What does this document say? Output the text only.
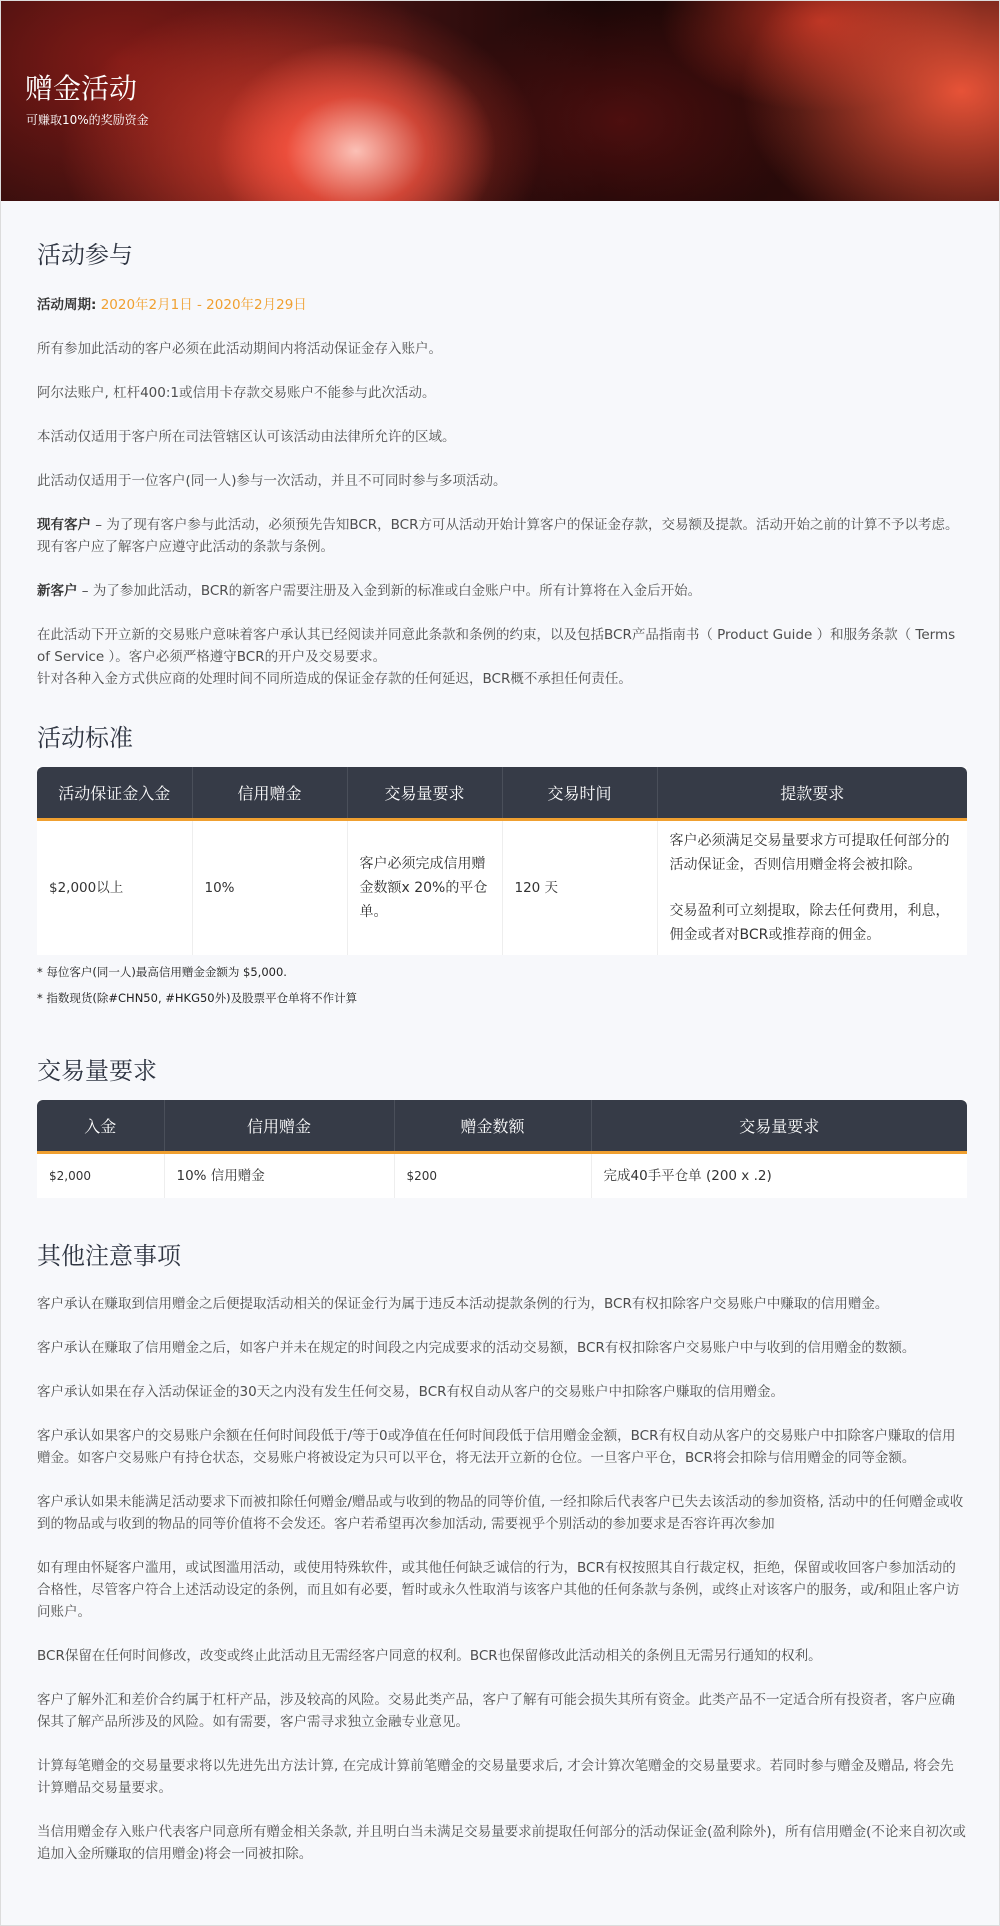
赠金活动
可赚取10%的奖励资金
活动参与

活动周期: 2020年2月1日 - 2020年2月29日

所有参加此活动的客户必须在此活动期间内将活动保证金存入账户。

阿尔法账户, 杠杆400:1或信用卡存款交易账户不能参与此次活动。

本活动仅适用于客户所在司法管辖区认可该活动由法律所允许的区域。

此活动仅适用于一位客户(同一人)参与一次活动，并且不可同时参与多项活动。

现有客户 – 为了现有客户参与此活动，必须预先告知BCR，BCR方可从活动开始计算客户的保证金存款，交易额及提款。活动开始之前的计算不予以考虑。现有客户应了解客户应遵守此活动的条款与条例。

新客户 – 为了参加此活动，BCR的新客户需要注册及入金到新的标准或白金账户中。所有计算将在入金后开始。

在此活动下开立新的交易账户意味着客户承认其已经阅读并同意此条款和条例的约束，以及包括BCR产品指南书（ Product Guide ）和服务条款（ Terms of Service ）。客户必须严格遵守BCR的开户及交易要求。

针对各种入金方式供应商的处理时间不同所造成的保证金存款的任何延迟，BCR概不承担任何责任。

活动标准
活动保证金入金	信用赠金	交易量要求	交易时间	提款要求
$2,000以上	10%	客户必须完成信用赠金数额x 20%的平仓单。	120 天	客户必须满足交易量要求方可提取任何部分的活动保证金，否则信用赠金将会被扣除。
交易盈利可立刻提取，除去任何费用，利息，佣金或者对BCR或推荐商的佣金。
* 每位客户(同一人)最高信用赠金金额为 $5,000.
* 指数现货(除#CHN50, #HKG50外)及股票平仓单将不作计算
交易量要求
入金	信用赠金	赠金数额	交易量要求
$2,000	10% 信用赠金	$200	完成40手平仓单 (200 x .2)
其他注意事项

客户承认在赚取到信用赠金之后便提取活动相关的保证金行为属于违反本活动提款条例的行为，BCR有权扣除客户交易账户中赚取的信用赠金。

客户承认在赚取了信用赠金之后，如客户并未在规定的时间段之内完成要求的活动交易额，BCR有权扣除客户交易账户中与收到的信用赠金的数额。

客户承认如果在存入活动保证金的30天之内没有发生任何交易，BCR有权自动从客户的交易账户中扣除客户赚取的信用赠金。

客户承认如果客户的交易账户余额在任何时间段低于/等于0或净值在任何时间段低于信用赠金金额，BCR有权自动从客户的交易账户中扣除客户赚取的信用赠金。如客户交易账户有持仓状态，交易账户将被设定为只可以平仓，将无法开立新的仓位。一旦客户平仓，BCR将会扣除与信用赠金的同等金额。

客户承认如果未能满足活动要求下而被扣除任何赠金/赠品或与收到的物品的同等价值, 一经扣除后代表客户已失去该活动的参加资格, 活动中的任何赠金或收到的物品或与收到的物品的同等价值将不会发还。客户若希望再次参加活动, 需要视乎个别活动的参加要求是否容许再次参加

如有理由怀疑客户滥用，或试图滥用活动，或使用特殊软件，或其他任何缺乏诚信的行为，BCR有权按照其自行裁定权，拒绝，保留或收回客户参加活动的合格性，尽管客户符合上述活动设定的条例，而且如有必要，暂时或永久性取消与该客户其他的任何条款与条例，或终止对该客户的服务，或/和阻止客户访问账户。

BCR保留在任何时间修改，改变或终止此活动且无需经客户同意的权利。BCR也保留修改此活动相关的条例且无需另行通知的权利。

客户了解外汇和差价合约属于杠杆产品，涉及较高的风险。交易此类产品，客户了解有可能会损失其所有资金。此类产品不一定适合所有投资者，客户应确保其了解产品所涉及的风险。如有需要，客户需寻求独立金融专业意见。

计算每笔赠金的交易量要求将以先进先出方法计算, 在完成计算前笔赠金的交易量要求后, 才会计算次笔赠金的交易量要求。若同时参与赠金及赠品, 将会先计算赠品交易量要求。

当信用赠金存入账户代表客户同意所有赠金相关条款, 并且明白当未满足交易量要求前提取任何部分的活动保证金(盈利除外)，所有信用赠金(不论来自初次或追加入金所赚取的信用赠金)将会一同被扣除。
